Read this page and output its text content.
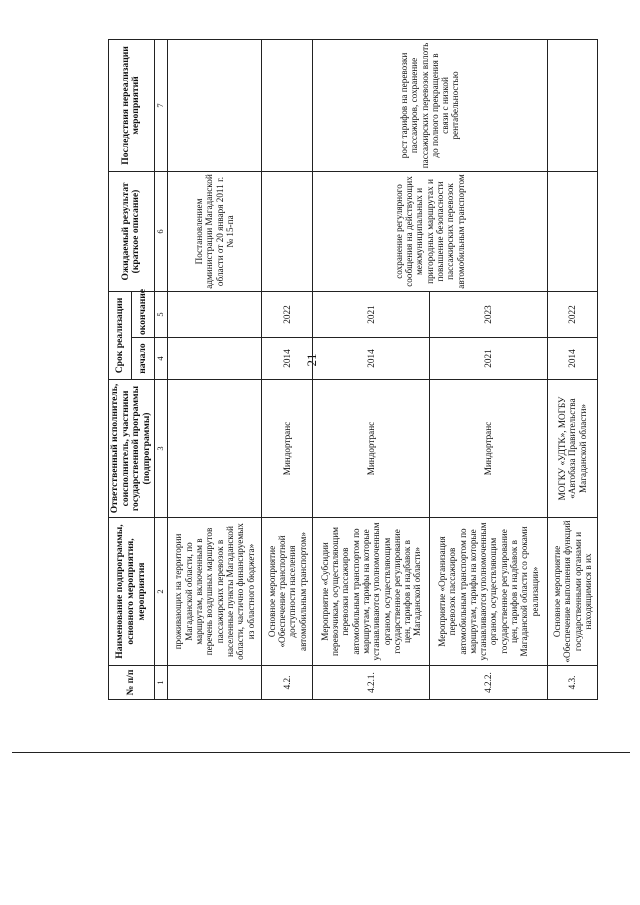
21
№ п/п	Наименование подпрограммы, основного мероприятия, мероприятия	Ответственный исполнитель, соисполнитель, участники государственной программы (подпрограммы)	Срок реализации		Ожидаемый результат (краткое описание)	Последствия нереализации мероприятий
			начало	окончание		
1	2	3	4	5	6	7
	проживающих на территории Магаданской области, по маршрутам, включенным в перечень воздушных маршрутов пассажирских перевозок в населенные пункты Магаданской области, частично финансируемых из областного бюджета»				Постановлением администрации Магаданской области от 20 января 2011 г. № 15-па	
4.2.	Основное мероприятие «Обеспечение транспортной доступности населения автомобильным транспортом»	Миндортранс	2014	2022		
4.2.1.	Мероприятие «Субсидии перевозчикам, осуществляющим перевозки пассажиров автомобильным транспортом по маршрутам, тарифы на которые устанавливаются уполномоченным органом, осуществляющим государственное регулирование цен, тарифов и надбавок в Магаданской области»	Миндортранс	2014	2021	сохранение регулярного сообщения на действующих межмуниципальных и пригородных маршрутах и повышение безопасности пассажирских перевозок автомобильным транспортом	рост тарифов на перевозки пассажиров, сохранение пассажирских перевозок вплоть до полного прекращения в связи с низкой рентабельностью
4.2.2.	Мероприятие «Организация перевозок пассажиров автомобильным транспортом по маршрутам, тарифы на которые устанавливаются уполномоченным органом, осуществляющим государственное регулирование цен, тарифов и надбавок в Магаданской области со сроками реализации»	Миндортранс	2021	2023		
4.3.	Основное мероприятие «Обеспечение выполнения функций государственными органами и находящимися в их	МОГКУ «УДТК», МОГБУ «Автобаза Правительства Магаданской области»	2014	2022		
